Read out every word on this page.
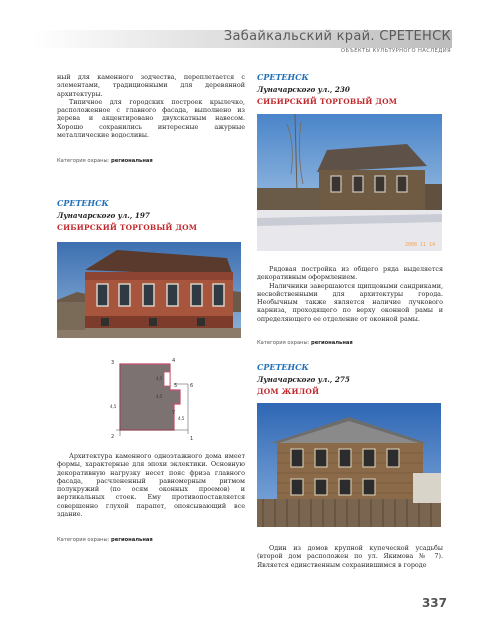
Забайкальский край. СРЕТЕНСК
ОБЪЕКТЫ КУЛЬТУРНОГО НАСЛЕДИЯ

ный для каменного зодчества, переплетается с элементами, традиционными для деревянной архитектуры.

Типичное для городских построек крылечко, расположенное с главного фасада, выполнено из дерева и акцентировано двухскатным навесом. Хорошо сохранились интересные ажурные металлические водосливы.

Категория охраны: региональная
СРЕТЕНСК
Луначарского ул., 197
СИБИРСКИЙ ТОРГОВЫЙ ДОМ
3	4
5	6
2	1
7
4,5
4,5
4,5
4,5

Архитектура каменного одноэтажного дома имеет формы, характерные для эпохи эклектики. Основную декоративную нагрузку несет пояс фриза главного фасада, расчлененный равномерным ритмом полукружий (по осям оконных проемов) и вертикальных стоек. Ему противопоставляется совершенно глухой парапет, опоясывающий все здание.

Категория охраны: региональная
СРЕТЕНСК
Луначарского ул., 230
СИБИРСКИЙ ТОРГОВЫЙ ДОМ
2008 11 14

Рядовая постройка из общего ряда выделяется декоративным оформлением.

Наличники завершаются щипцовыми сандриками, несвойственными для архитектуры города. Необычным также является наличие лучкового карниза, проходящего по верху оконной рамы и определяющего ее отделение от оконной рамы.

Категория охраны: региональная
СРЕТЕНСК
Луначарского ул., 275
ДОМ ЖИЛОЙ

Один из домов крупной купеческой усадьбы (второй дом расположен по ул. Якимова № 7). Является единственным сохранившимся в городе

337
